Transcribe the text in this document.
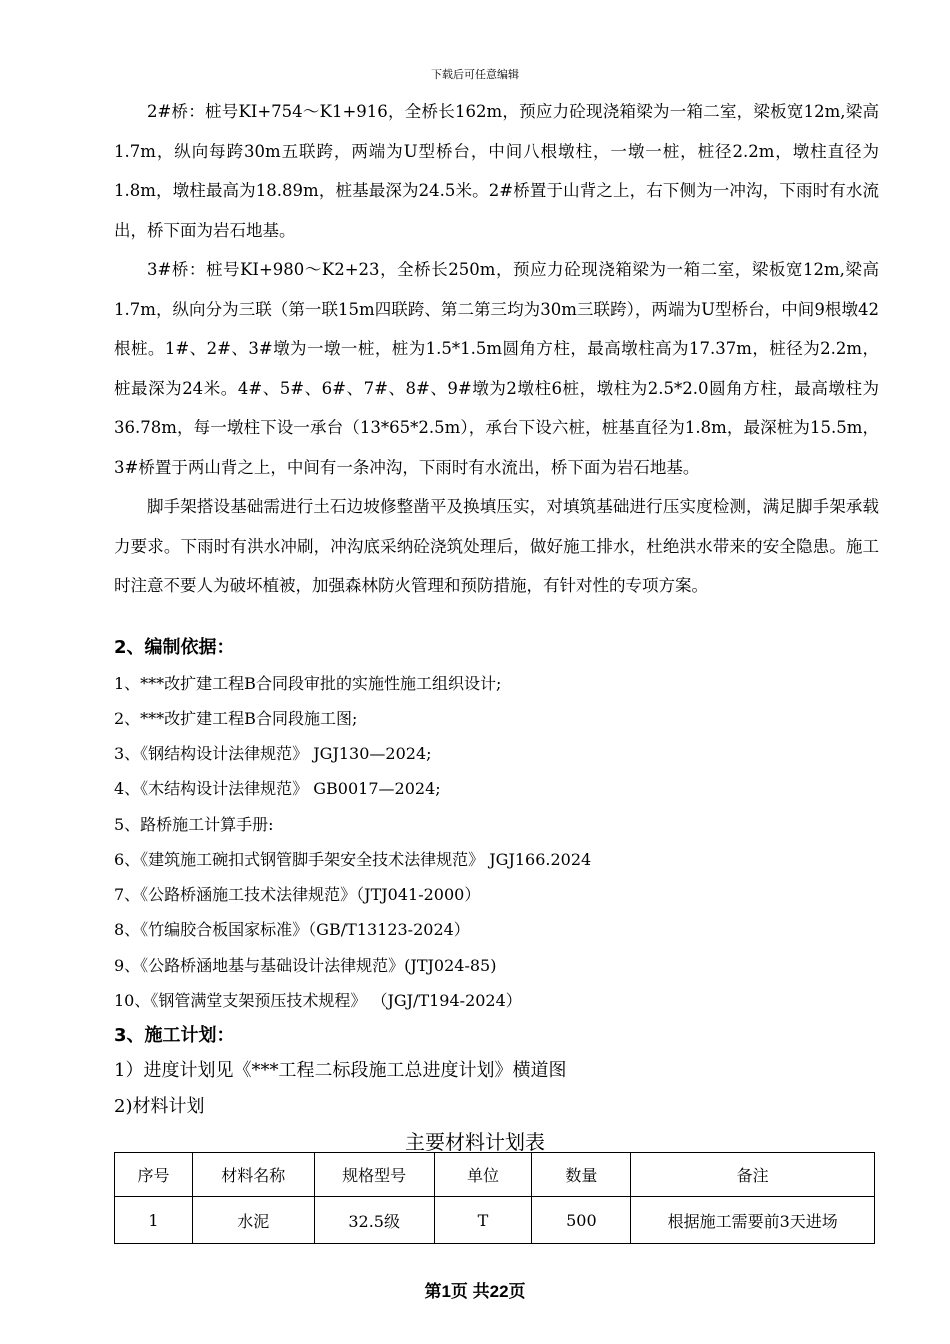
下载后可任意编辑

2#桥：桩号KI+754～K1+916，全桥长162m，预应力砼现浇箱梁为一箱二室，梁板宽12m,梁高1.7m，纵向每跨30m五联跨，两端为U型桥台，中间八根墩柱，一墩一桩，桩径2.2m，墩柱直径为1.8m，墩柱最高为18.89m，桩基最深为24.5米。2#桥置于山背之上，右下侧为一冲沟，下雨时有水流出，桥下面为岩石地基。

3#桥：桩号KI+980～K2+23，全桥长250m，预应力砼现浇箱梁为一箱二室，梁板宽12m,梁高1.7m，纵向分为三联（第一联15m四联跨、第二第三均为30m三联跨），两端为U型桥台，中间9根墩42根桩。1#、2#、3#墩为一墩一桩，桩为1.5*1.5m圆角方柱，最高墩柱高为17.37m，桩径为2.2m，桩最深为24米。4#、5#、6#、7#、8#、9#墩为2墩柱6桩，墩柱为2.5*2.0圆角方柱，最高墩柱为36.78m，每一墩柱下设一承台（13*65*2.5m），承台下设六桩，桩基直径为1.8m，最深桩为15.5m，3#桥置于两山背之上，中间有一条冲沟，下雨时有水流出，桥下面为岩石地基。

脚手架搭设基础需进行土石边坡修整凿平及换填压实，对填筑基础进行压实度检测，满足脚手架承载力要求。下雨时有洪水冲刷，冲沟底采纳砼浇筑处理后，做好施工排水，杜绝洪水带来的安全隐患。施工时注意不要人为破坏植被，加强森林防火管理和预防措施，有针对性的专项方案。

2、编制依据：
1、***改扩建工程B合同段审批的实施性施工组织设计;
2、***改扩建工程B合同段施工图;
3、《钢结构设计法律规范》 JGJ130—2024;
4、《木结构设计法律规范》 GB0017—2024;
5、路桥施工计算手册:
6、《建筑施工碗扣式钢管脚手架安全技术法律规范》 JGJ166.2024
7、《公路桥涵施工技术法律规范》（JTJ041-2000）
8、《竹编胶合板国家标准》（GB/T13123-2024）
9、《公路桥涵地基与基础设计法律规范》(JTJ024-85)
10、《钢管满堂支架预压技术规程》 （JGJ/T194-2024）
3、施工计划：
1）进度计划见《***工程二标段施工总进度计划》横道图
2)材料计划
主要材料计划表
序号	材料名称	规格型号	单位	数量	备注
1	水泥	32.5级	T	500	根据施工需要前3天进场
第1页 共22页
